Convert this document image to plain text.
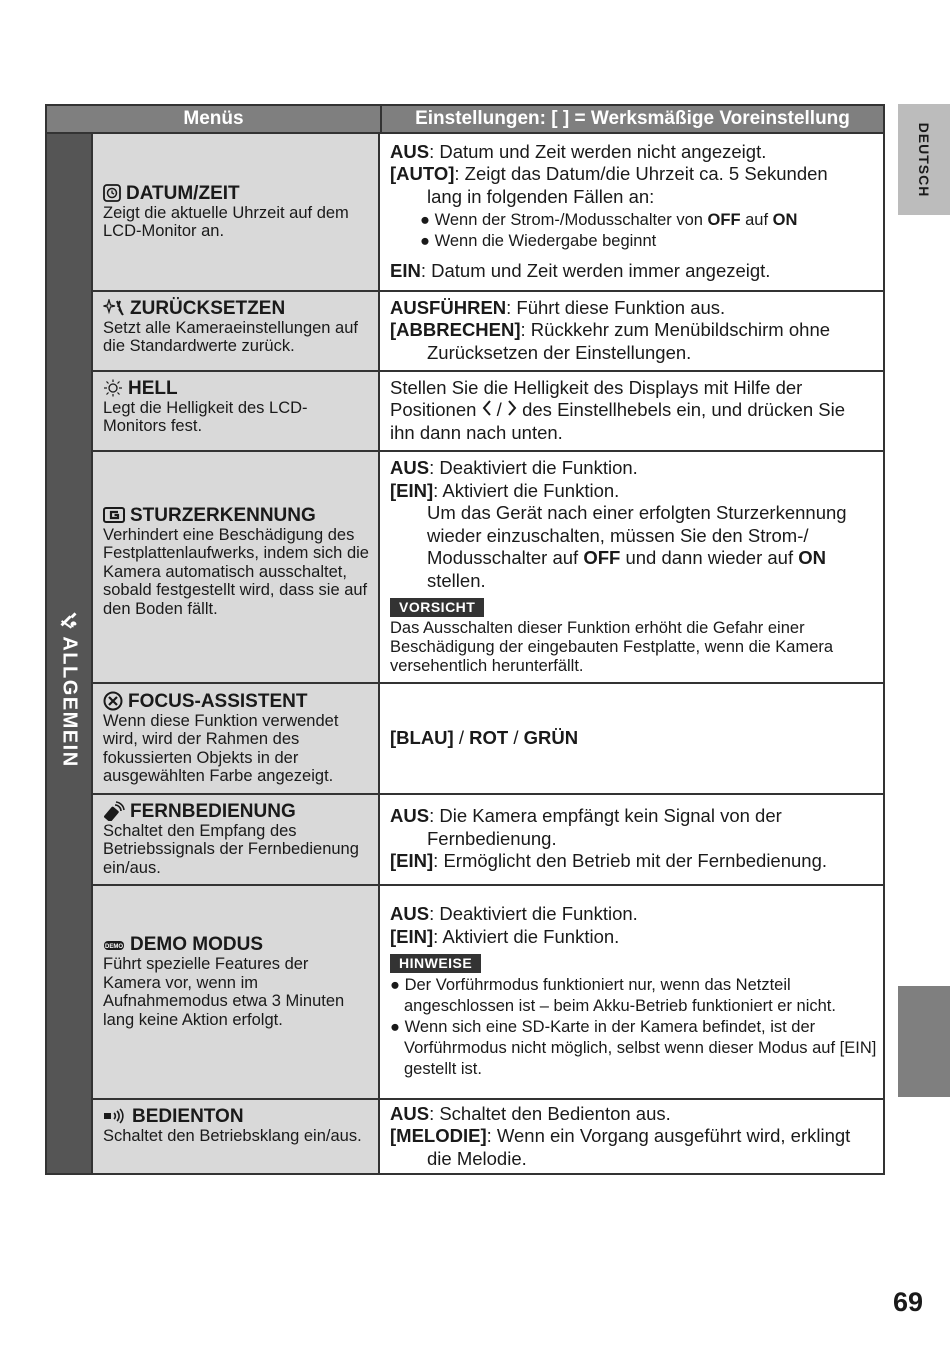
DEUTSCH
69
Menüs	Einstellungen: [ ] = Werksmäßige Voreinstellung
ALLGEMEIN
DATUM/ZEIT
Zeigt die aktuelle Uhrzeit auf dem LCD-Monitor an.
AUS: Datum und Zeit werden nicht angezeigt.
[AUTO]: Zeigt das Datum/die Uhrzeit ca. 5 Sekunden
lang in folgenden Fällen an:
● Wenn der Strom-/Modusschalter von OFF auf ON
● Wenn die Wiedergabe beginnt
EIN: Datum und Zeit werden immer angezeigt.
ZURÜCKSETZEN
Setzt alle Kameraeinstellungen auf die Standardwerte zurück.
AUSFÜHREN: Führt diese Funktion aus.
[ABBRECHEN]: Rückkehr zum Menübildschirm ohne
Zurücksetzen der Einstellungen.
HELL
Legt die Helligkeit des LCD-Monitors fest.
Stellen Sie die Helligkeit des Displays mit Hilfe der
Positionen
/
des Einstellhebels ein, und drücken Sie
ihn dann nach unten.
STURZERKENNUNG
Verhindert eine Beschädigung des Festplattenlaufwerks, indem sich die Kamera automatisch ausschaltet, sobald festgestellt wird, dass sie auf den Boden fällt.
AUS: Deaktiviert die Funktion.
[EIN]: Aktiviert die Funktion.
Um das Gerät nach einer erfolgten Sturzerkennung
wieder einzuschalten, müssen Sie den Strom-/
Modusschalter auf OFF und dann wieder auf ON
stellen.
VORSICHT
Das Ausschalten dieser Funktion erhöht die Gefahr einer Beschädigung der eingebauten Festplatte, wenn die Kamera versehentlich herunterfällt.
FOCUS-ASSISTENT
Wenn diese Funktion verwendet wird, wird der Rahmen des fokussierten Objekts in der ausgewählten Farbe angezeigt.
[BLAU] / ROT / GRÜN
FERNBEDIENUNG
Schaltet den Empfang des Betriebssignals der Fernbedienung ein/aus.
AUS: Die Kamera empfängt kein Signal von der
Fernbedienung.
[EIN]: Ermöglicht den Betrieb mit der Fernbedienung.
DEMO DEMO MODUS
Führt spezielle Features der Kamera vor, wenn im Aufnahmemodus etwa 3 Minuten lang keine Aktion erfolgt.
AUS: Deaktiviert die Funktion.
[EIN]: Aktiviert die Funktion.
HINWEISE
● Der Vorführmodus funktioniert nur, wenn das Netzteil angeschlossen ist – beim Akku-Betrieb funktioniert er nicht.
● Wenn sich eine SD-Karte in der Kamera befindet, ist der Vorführmodus nicht möglich, selbst wenn dieser Modus auf [EIN] gestellt ist.
BEDIENTON
Schaltet den Betriebsklang ein/aus.
AUS: Schaltet den Bedienton aus.
[MELODIE]: Wenn ein Vorgang ausgeführt wird, erklingt
die Melodie.
